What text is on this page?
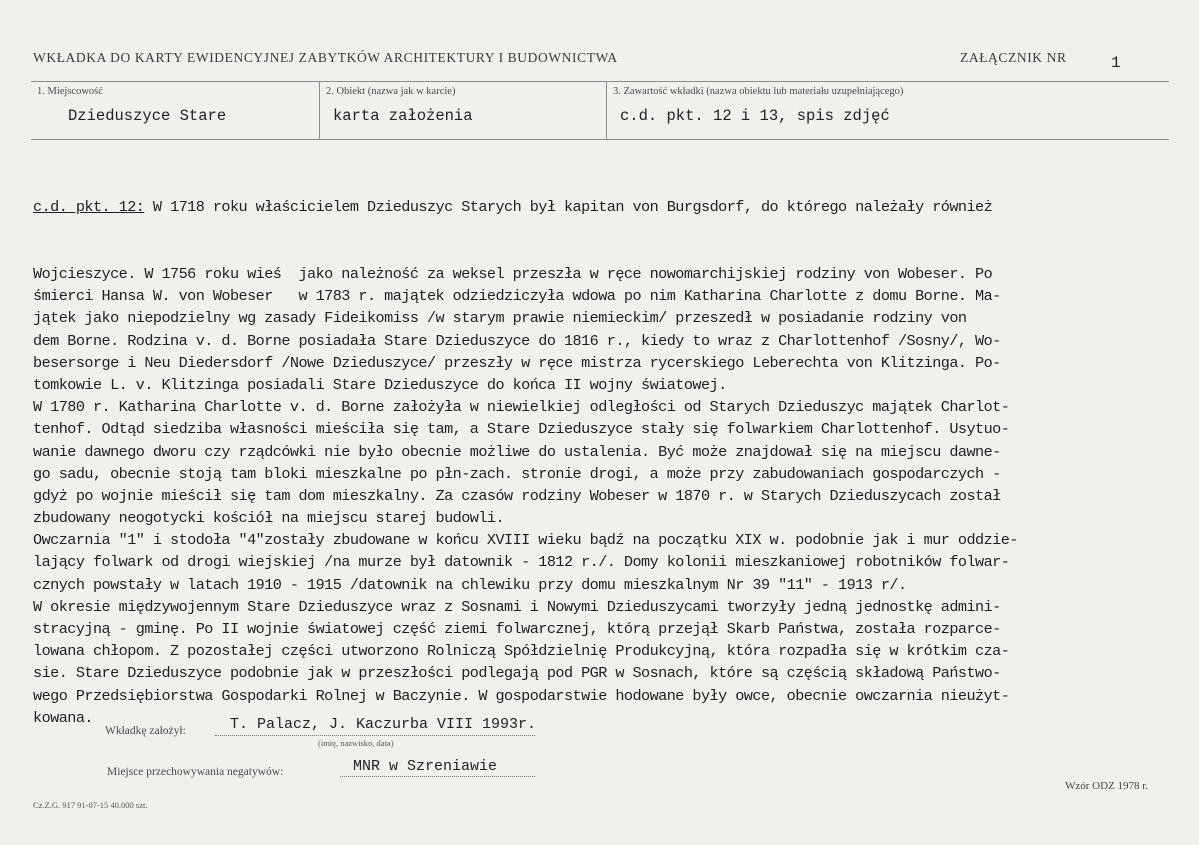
WKŁADKA DO KARTY EWIDENCYJNEJ ZABYTKÓW ARCHITEKTURY I BUDOWNICTWA	ZAŁĄCZNIK NR	1
1. Miejscowość
Dzieduszyce Stare
2. Obiekt (nazwa jak w karcie)
karta założenia
3. Zawartość wkładki (nazwa obiektu lub materiału uzupełniającego)
c.d. pkt. 12 i 13, spis zdjęć

c.d. pkt. 12: W 1718 roku właścicielem Dzieduszyc Starych był kapitan von Burgsdorf, do którego należały również

Wojcieszyce. W 1756 roku wieś  jako należność za weksel przeszła w ręce nowomarchijskiej rodziny von Wobeser. Po
śmierci Hansa W. von Wobeser   w 1783 r. majątek odziedziczyła wdowa po nim Katharina Charlotte z domu Borne. Ma-
jątek jako niepodzielny wg zasady Fideikomiss /w starym prawie niemieckim/ przeszedł w posiadanie rodziny von
dem Borne. Rodzina v. d. Borne posiadała Stare Dzieduszyce do 1816 r., kiedy to wraz z Charlottenhof /Sosny/, Wo-
besersorge i Neu Diedersdorf /Nowe Dzieduszyce/ przeszły w ręce mistrza rycerskiego Leberechta von Klitzinga. Po-
tomkowie L. v. Klitzinga posiadali Stare Dzieduszyce do końca II wojny światowej.
W 1780 r. Katharina Charlotte v. d. Borne założyła w niewielkiej odległości od Starych Dzieduszyc majątek Charlot-
tenhof. Odtąd siedziba własności mieściła się tam, a Stare Dzieduszyce stały się folwarkiem Charlottenhof. Usytuo-
wanie dawnego dworu czy rządcówki nie było obecnie możliwe do ustalenia. Być może znajdował się na miejscu dawne-
go sadu, obecnie stoją tam bloki mieszkalne po płn-zach. stronie drogi, a może przy zabudowaniach gospodarczych -
gdyż po wojnie mieścił się tam dom mieszkalny. Za czasów rodziny Wobeser w 1870 r. w Starych Dzieduszycach został
zbudowany neogotycki kościół na miejscu starej budowli.
Owczarnia "1" i stodoła "4"zostały zbudowane w końcu XVIII wieku bądź na początku XIX w. podobnie jak i mur oddzie-
lający folwark od drogi wiejskiej /na murze był datownik - 1812 r./. Domy kolonii mieszkaniowej robotników folwar-
cznych powstały w latach 1910 - 1915 /datownik na chlewiku przy domu mieszkalnym Nr 39 "11" - 1913 r/.
W okresie międzywojennym Stare Dzieduszyce wraz z Sosnami i Nowymi Dzieduszycami tworzyły jedną jednostkę admini-
stracyjną - gminę. Po II wojnie światowej część ziemi folwarcznej, którą przejął Skarb Państwa, została rozparce-
lowana chłopom. Z pozostałej części utworzono Rolniczą Spółdzielnię Produkcyjną, która rozpadła się w krótkim cza-
sie. Stare Dzieduszyce podobnie jak w przeszłości podlegają pod PGR w Sosnach, które są częścią składową Państwo-
wego Przedsiębiorstwa Gospodarki Rolnej w Baczynie. W gospodarstwie hodowane były owce, obecnie owczarnia nieużyt-
kowana.
Wkładkę założył:	T. Palacz, J. Kaczurba VIII 1993r.
(imię, nazwisko, data)
Miejsce przechowywania negatywów:	MNR w Szreniawie
Cz.Z.G. 917 91-07-15 40.000 szt.
Wzór ODZ 1978 r.
